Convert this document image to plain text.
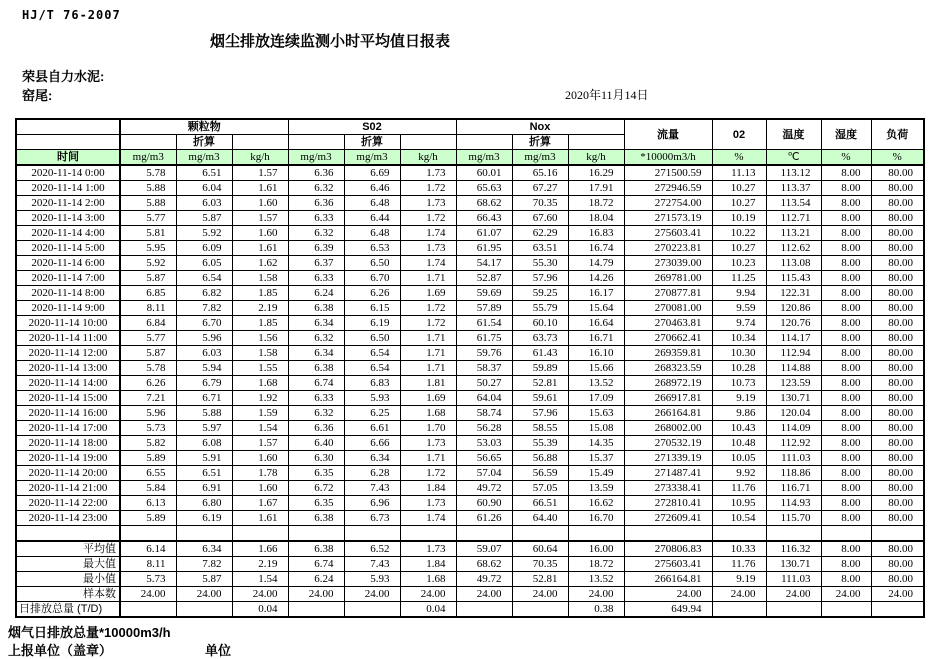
HJ/T 76-2007
烟尘排放连续监测小时平均值日报表
荣县自力水泥:
窑尾:	2020年11月14日
	颗粒物			S02			Nox			流量	02	温度	湿度	负荷
		折算			折算			折算						
时间	mg/m3	mg/m3	kg/h	mg/m3	mg/m3	kg/h	mg/m3	mg/m3	kg/h	*10000m3/h	%	℃	%	%
2020-11-14 0:00	5.78	6.51	1.57	6.36	6.69	1.73	60.01	65.16	16.29	271500.59	11.13	113.12	8.00	80.00
2020-11-14 1:00	5.88	6.04	1.61	6.32	6.46	1.72	65.63	67.27	17.91	272946.59	10.27	113.37	8.00	80.00
2020-11-14 2:00	5.88	6.03	1.60	6.36	6.48	1.73	68.62	70.35	18.72	272754.00	10.27	113.54	8.00	80.00
2020-11-14 3:00	5.77	5.87	1.57	6.33	6.44	1.72	66.43	67.60	18.04	271573.19	10.19	112.71	8.00	80.00
2020-11-14 4:00	5.81	5.92	1.60	6.32	6.48	1.74	61.07	62.29	16.83	275603.41	10.22	113.21	8.00	80.00
2020-11-14 5:00	5.95	6.09	1.61	6.39	6.53	1.73	61.95	63.51	16.74	270223.81	10.27	112.62	8.00	80.00
2020-11-14 6:00	5.92	6.05	1.62	6.37	6.50	1.74	54.17	55.30	14.79	273039.00	10.23	113.08	8.00	80.00
2020-11-14 7:00	5.87	6.54	1.58	6.33	6.70	1.71	52.87	57.96	14.26	269781.00	11.25	115.43	8.00	80.00
2020-11-14 8:00	6.85	6.82	1.85	6.24	6.26	1.69	59.69	59.25	16.17	270877.81	9.94	122.31	8.00	80.00
2020-11-14 9:00	8.11	7.82	2.19	6.38	6.15	1.72	57.89	55.79	15.64	270081.00	9.59	120.86	8.00	80.00
2020-11-14 10:00	6.84	6.70	1.85	6.34	6.19	1.72	61.54	60.10	16.64	270463.81	9.74	120.76	8.00	80.00
2020-11-14 11:00	5.77	5.96	1.56	6.32	6.50	1.71	61.75	63.73	16.71	270662.41	10.34	114.17	8.00	80.00
2020-11-14 12:00	5.87	6.03	1.58	6.34	6.54	1.71	59.76	61.43	16.10	269359.81	10.30	112.94	8.00	80.00
2020-11-14 13:00	5.78	5.94	1.55	6.38	6.54	1.71	58.37	59.89	15.66	268323.59	10.28	114.88	8.00	80.00
2020-11-14 14:00	6.26	6.79	1.68	6.74	6.83	1.81	50.27	52.81	13.52	268972.19	10.73	123.59	8.00	80.00
2020-11-14 15:00	7.21	6.71	1.92	6.33	5.93	1.69	64.04	59.61	17.09	266917.81	9.19	130.71	8.00	80.00
2020-11-14 16:00	5.96	5.88	1.59	6.32	6.25	1.68	58.74	57.96	15.63	266164.81	9.86	120.04	8.00	80.00
2020-11-14 17:00	5.73	5.97	1.54	6.36	6.61	1.70	56.28	58.55	15.08	268002.00	10.43	114.09	8.00	80.00
2020-11-14 18:00	5.82	6.08	1.57	6.40	6.66	1.73	53.03	55.39	14.35	270532.19	10.48	112.92	8.00	80.00
2020-11-14 19:00	5.89	5.91	1.60	6.30	6.34	1.71	56.65	56.88	15.37	271339.19	10.05	111.03	8.00	80.00
2020-11-14 20:00	6.55	6.51	1.78	6.35	6.28	1.72	57.04	56.59	15.49	271487.41	9.92	118.86	8.00	80.00
2020-11-14 21:00	5.84	6.91	1.60	6.72	7.43	1.84	49.72	57.05	13.59	273338.41	11.76	116.71	8.00	80.00
2020-11-14 22:00	6.13	6.80	1.67	6.35	6.96	1.73	60.90	66.51	16.62	272810.41	10.95	114.93	8.00	80.00
2020-11-14 23:00	5.89	6.19	1.61	6.38	6.73	1.74	61.26	64.40	16.70	272609.41	10.54	115.70	8.00	80.00

平均值	6.14	6.34	1.66	6.38	6.52	1.73	59.07	60.64	16.00	270806.83	10.33	116.32	8.00	80.00
最大值	8.11	7.82	2.19	6.74	7.43	1.84	68.62	70.35	18.72	275603.41	11.76	130.71	8.00	80.00
最小值	5.73	5.87	1.54	6.24	5.93	1.68	49.72	52.81	13.52	266164.81	9.19	111.03	8.00	80.00
样本数	24.00	24.00	24.00	24.00	24.00	24.00	24.00	24.00	24.00	24.00	24.00	24.00	24.00	24.00
日排放总量 (T/D)			0.04			0.04			0.38	649.94				
烟气日排放总量*10000m3/h
上报单位（盖章）	单位
